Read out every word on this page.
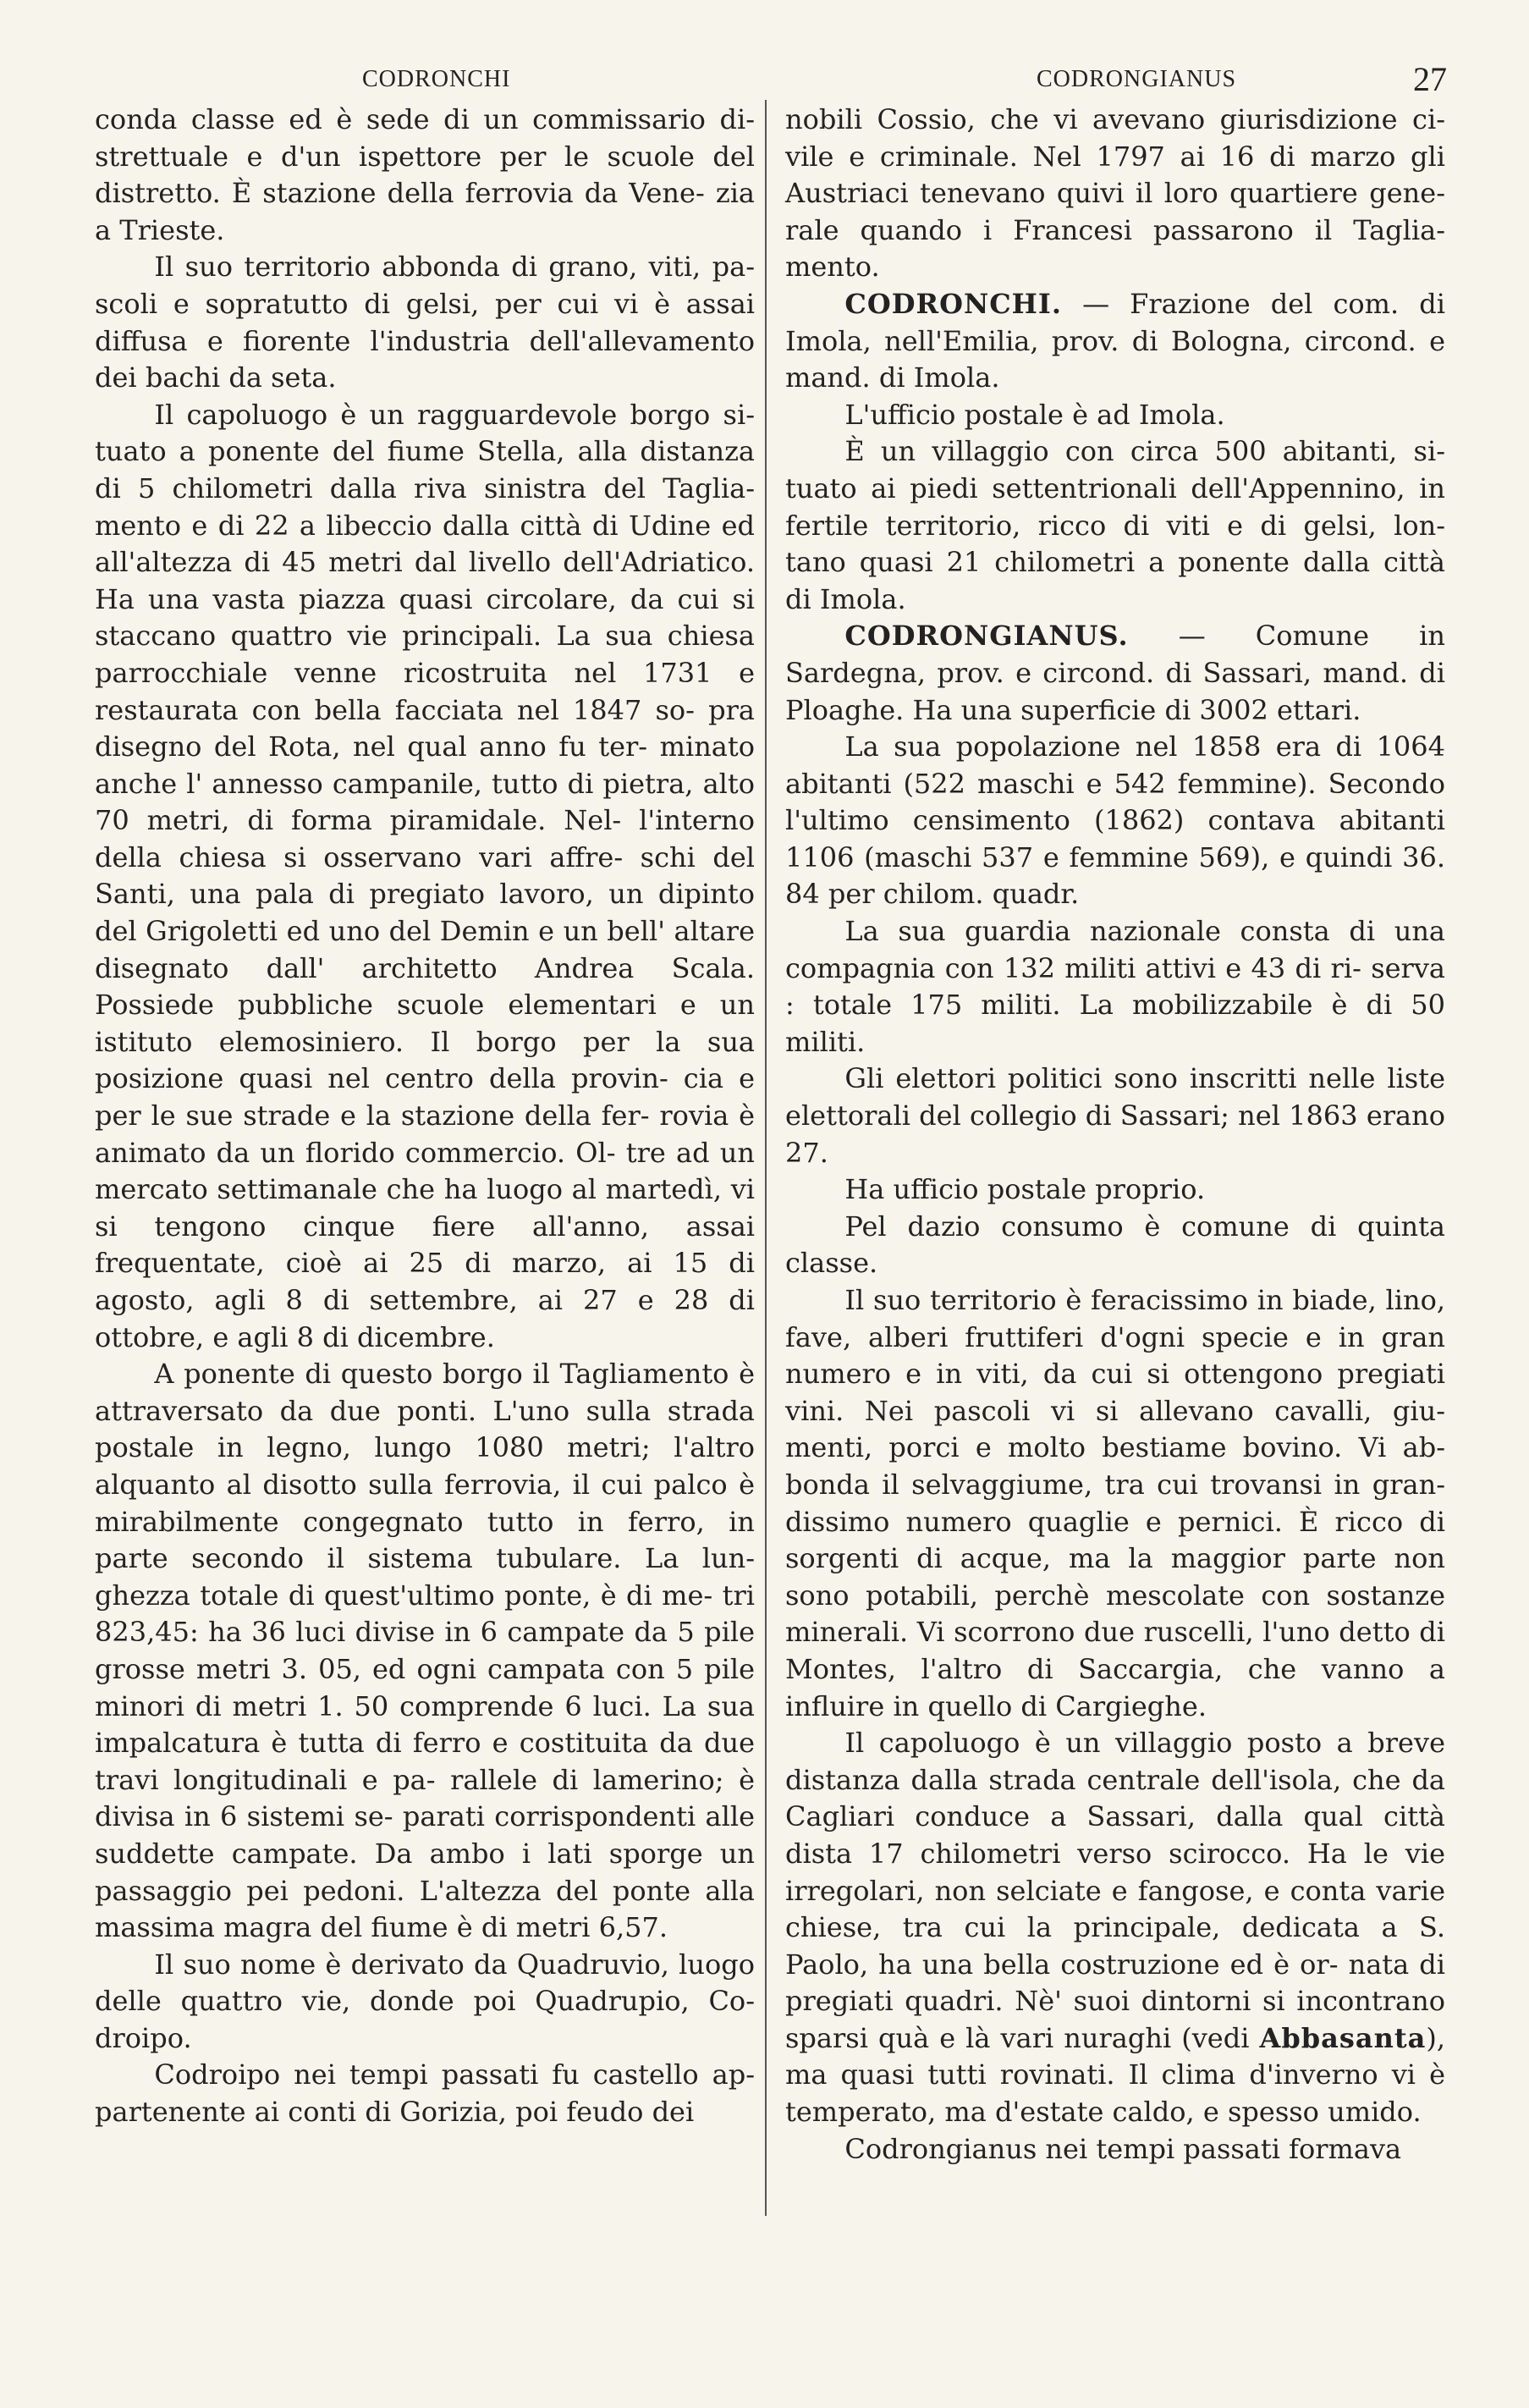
CODRONCHI	CODRONGIANUS	27

conda classe ed è sede di un commissario di- strettuale e d'un ispettore per le scuole del distretto. È stazione della ferrovia da Vene- zia a Trieste.

Il suo territorio abbonda di grano, viti, pa- scoli e sopratutto di gelsi, per cui vi è assai diffusa e fiorente l'industria dell'allevamento dei bachi da seta.

Il capoluogo è un ragguardevole borgo si- tuato a ponente del fiume Stella, alla distanza di 5 chilometri dalla riva sinistra del Taglia- mento e di 22 a libeccio dalla città di Udine ed all'altezza di 45 metri dal livello dell'Adriatico. Ha una vasta piazza quasi circolare, da cui si staccano quattro vie principali. La sua chiesa parrocchiale venne ricostruita nel 1731 e restaurata con bella facciata nel 1847 so- pra disegno del Rota, nel qual anno fu ter- minato anche l' annesso campanile, tutto di pietra, alto 70 metri, di forma piramidale. Nel- l'interno della chiesa si osservano vari affre- schi del Santi, una pala di pregiato lavoro, un dipinto del Grigoletti ed uno del Demin e un bell' altare disegnato dall' architetto Andrea Scala. Possiede pubbliche scuole elementari e un istituto elemosiniero. Il borgo per la sua posizione quasi nel centro della provin- cia e per le sue strade e la stazione della fer- rovia è animato da un florido commercio. Ol- tre ad un mercato settimanale che ha luogo al martedì, vi si tengono cinque fiere all'anno, assai frequentate, cioè ai 25 di marzo, ai 15 di agosto, agli 8 di settembre, ai 27 e 28 di ottobre, e agli 8 di dicembre.

A ponente di questo borgo il Tagliamento è attraversato da due ponti. L'uno sulla strada postale in legno, lungo 1080 metri; l'altro alquanto al disotto sulla ferrovia, il cui palco è mirabilmente congegnato tutto in ferro, in parte secondo il sistema tubulare. La lun- ghezza totale di quest'ultimo ponte, è di me- tri 823,45: ha 36 luci divise in 6 campate da 5 pile grosse metri 3. 05, ed ogni campata con 5 pile minori di metri 1. 50 comprende 6 luci. La sua impalcatura è tutta di ferro e costituita da due travi longitudinali e pa- rallele di lamerino; è divisa in 6 sistemi se- parati corrispondenti alle suddette campate. Da ambo i lati sporge un passaggio pei pedoni. L'altezza del ponte alla massima magra del fiume è di metri 6,57.

Il suo nome è derivato da Quadruvio, luogo delle quattro vie, donde poi Quadrupio, Co- droipo.

Codroipo nei tempi passati fu castello ap- partenente ai conti di Gorizia, poi feudo dei

nobili Cossio, che vi avevano giurisdizione ci- vile e criminale. Nel 1797 ai 16 di marzo gli Austriaci tenevano quivi il loro quartiere gene- rale quando i Francesi passarono il Taglia- mento.

CODRONCHI. — Frazione del com. di Imola, nell'Emilia, prov. di Bologna, circond. e mand. di Imola.

L'ufficio postale è ad Imola.

È un villaggio con circa 500 abitanti, si- tuato ai piedi settentrionali dell'Appennino, in fertile territorio, ricco di viti e di gelsi, lon- tano quasi 21 chilometri a ponente dalla città di Imola.

CODRONGIANUS. — Comune in Sardegna, prov. e circond. di Sassari, mand. di Ploaghe. Ha una superficie di 3002 ettari.

La sua popolazione nel 1858 era di 1064 abitanti (522 maschi e 542 femmine). Secondo l'ultimo censimento (1862) contava abitanti 1106 (maschi 537 e femmine 569), e quindi 36. 84 per chilom. quadr.

La sua guardia nazionale consta di una compagnia con 132 militi attivi e 43 di ri- serva : totale 175 militi. La mobilizzabile è di 50 militi.

Gli elettori politici sono inscritti nelle liste elettorali del collegio di Sassari; nel 1863 erano 27.

Ha ufficio postale proprio.

Pel dazio consumo è comune di quinta classe.

Il suo territorio è feracissimo in biade, lino, fave, alberi fruttiferi d'ogni specie e in gran numero e in viti, da cui si ottengono pregiati vini. Nei pascoli vi si allevano cavalli, giu- menti, porci e molto bestiame bovino. Vi ab- bonda il selvaggiume, tra cui trovansi in gran- dissimo numero quaglie e pernici. È ricco di sorgenti di acque, ma la maggior parte non sono potabili, perchè mescolate con sostanze minerali. Vi scorrono due ruscelli, l'uno detto di Montes, l'altro di Saccargia, che vanno a influire in quello di Cargieghe.

Il capoluogo è un villaggio posto a breve distanza dalla strada centrale dell'isola, che da Cagliari conduce a Sassari, dalla qual città dista 17 chilometri verso scirocco. Ha le vie irregolari, non selciate e fangose, e conta varie chiese, tra cui la principale, dedicata a S. Paolo, ha una bella costruzione ed è or- nata di pregiati quadri. Nè' suoi dintorni si incontrano sparsi quà e là vari nuraghi (vedi Abbasanta), ma quasi tutti rovinati. Il clima d'inverno vi è temperato, ma d'estate caldo, e spesso umido.

Codrongianus nei tempi passati formava
